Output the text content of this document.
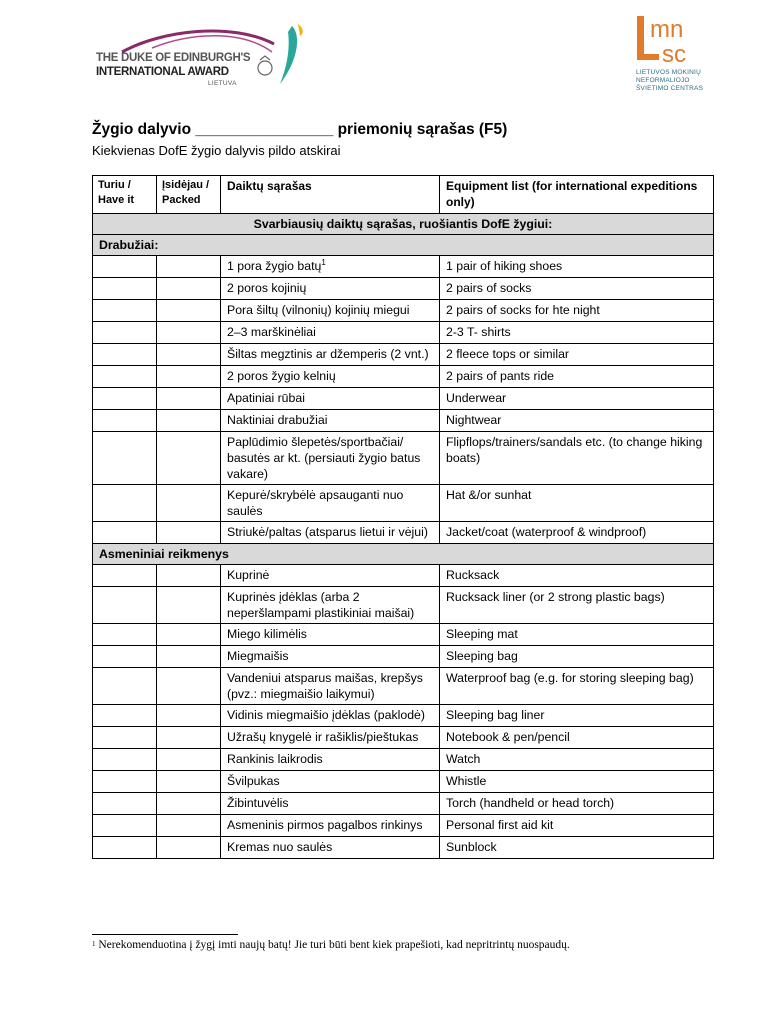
THE DUKE OF EDINBURGH'S
INTERNATIONAL AWARD
LIETUVA
mn
sc
LIETUVOS MOKINIŲ
NEFORMALIOJO
ŠVIETIMO CENTRAS
Žygio dalyvio ________________ priemonių sąrašas (F5)
Kiekvienas DofE žygio dalyvis pildo atskirai
Turiu / Have it	Įsidėjau / Packed	Daiktų sąrašas	Equipment list (for international expeditions only)
Svarbiausių daiktų sąrašas, ruošiantis DofE žygiui:			
Drabužiai:			
		1 pora žygio batų$^1$	1 pair of hiking shoes
		2 poros kojinių	2 pairs of socks
		Pora šiltų (vilnonių) kojinių miegui	2 pairs of socks for hte night
		2–3 marškinėliai	2-3 T- shirts
		Šiltas megztinis ar džemperis (2 vnt.)	2 fleece tops or similar
		2 poros žygio kelnių	2 pairs of pants ride
		Apatiniai rūbai	Underwear
		Naktiniai drabužiai	Nightwear
		Paplūdimio šlepetės/sportbačiai/ basutės ar kt. (persiauti žygio batus vakare)	Flipflops/trainers/sandals etc. (to change hiking boats)
		Kepurė/skrybėlė apsauganti nuo saulės	Hat &/or sunhat
		Striukė/paltas (atsparus lietui ir vėjui)	Jacket/coat (waterproof & windproof)
Asmeniniai reikmenys			
		Kuprinė	Rucksack
		Kuprinės įdėklas (arba 2 neperšlampami plastikiniai maišai)	Rucksack liner (or 2 strong plastic bags)
		Miego kilimėlis	Sleeping mat
		Miegmaišis	Sleeping bag
		Vandeniui atsparus maišas, krepšys (pvz.: miegmaišio laikymui)	Waterproof bag (e.g. for storing sleeping bag)
		Vidinis miegmaišio įdėklas (paklodė)	Sleeping bag liner
		Užrašų knygelė ir rašiklis/pieštukas	Notebook & pen/pencil
		Rankinis laikrodis	Watch
		Švilpukas	Whistle
		Žibintuvėlis	Torch (handheld or head torch)
		Asmeninis pirmos pagalbos rinkinys	Personal first aid kit
		Kremas nuo saulės	Sunblock
$^1$ Nerekomenduotina į žygį imti naujų batų! Jie turi būti bent kiek prapešioti, kad nepritrintų nuospaudų.
